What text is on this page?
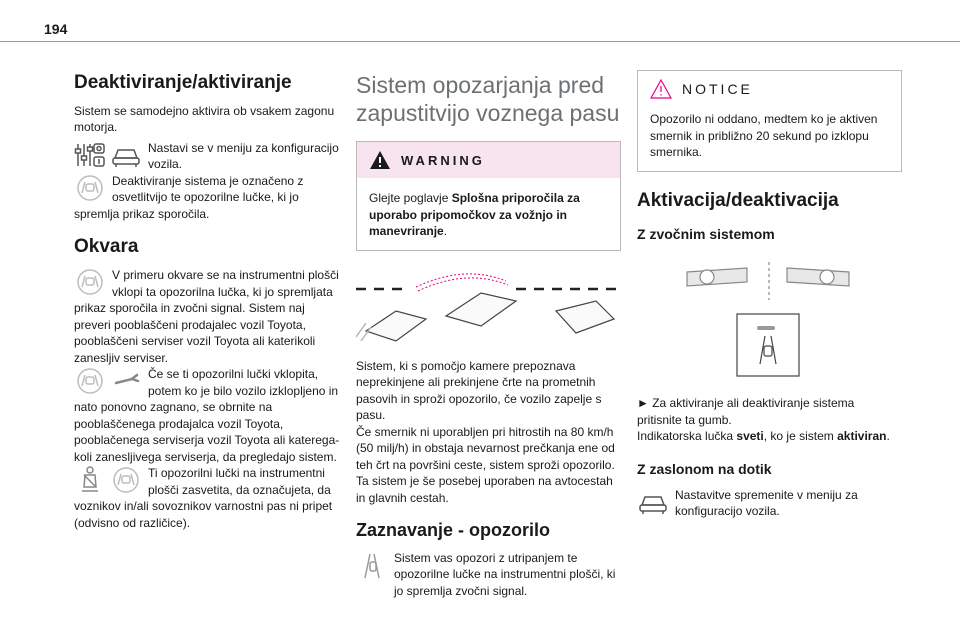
194
Deaktiviranje/aktiviranje

Sistem se samodejno aktivira ob vsakem zagonu motorja.

Nastavi se v meniju za konfiguracijo vozila.

Deaktiviranje sistema je označeno z osvetlitvijo te opozorilne lučke, ki jo spremlja prikaz sporočila.

Okvara

V primeru okvare se na instrumentni plošči vklopi ta opozorilna lučka, ki jo spremljata prikaz sporočila in zvočni signal. Sistem naj preveri pooblaščeni prodajalec vozil Toyota, pooblaščeni serviser vozil Toyota ali katerikoli zanesljiv serviser.

Če se ti opozorilni lučki vklopita, potem ko je bilo vozilo izklopljeno in nato ponovno zagnano, se obrnite na pooblaščenega prodajalca vozil Toyota, pooblačenega serviserja vozil Toyota ali kateregakoli zanesljivega serviserja, da pregledajo sistem.

Ti opozorilni lučki na instrumentni plošči zasvetita, da označujeta, da voznikov in/ali sovoznikov varnostni pas ni pripet (odvisno od različice).

Sistem opozarjanja pred zapustitvijo voznega pasu
WARNING
Glejte poglavje Splošna priporočila za uporabo pripomočkov za vožnjo in manevriranje.

Sistem, ki s pomočjo kamere prepoznava neprekinjene ali prekinjene črte na prometnih pasovih in sproži opozorilo, če vozilo zapelje s pasu.

Če smernik ni uporabljen pri hitrostih na 80 km/h (50 milj/h) in obstaja nevarnost prečkanja ene od teh črt na površini ceste, sistem sproži opozorilo. Ta sistem je še posebej uporaben na avtocestah in glavnih cestah.

Zaznavanje - opozorilo

Sistem vas opozori z utripanjem te opozorilne lučke na instrumentni plošči, ki jo spremlja zvočni signal.

NOTICE
Opozorilo ni oddano, medtem ko je aktiven smernik in približno 20 sekund po izklopu smernika.
Aktivacija/deaktivacija
Z zvočnim sistemom

► Za aktiviranje ali deaktiviranje sistema pritisnite ta gumb.

Indikatorska lučka sveti, ko je sistem aktiviran.

Z zaslonom na dotik

Nastavitve spremenite v meniju za konfiguracijo vozila.
